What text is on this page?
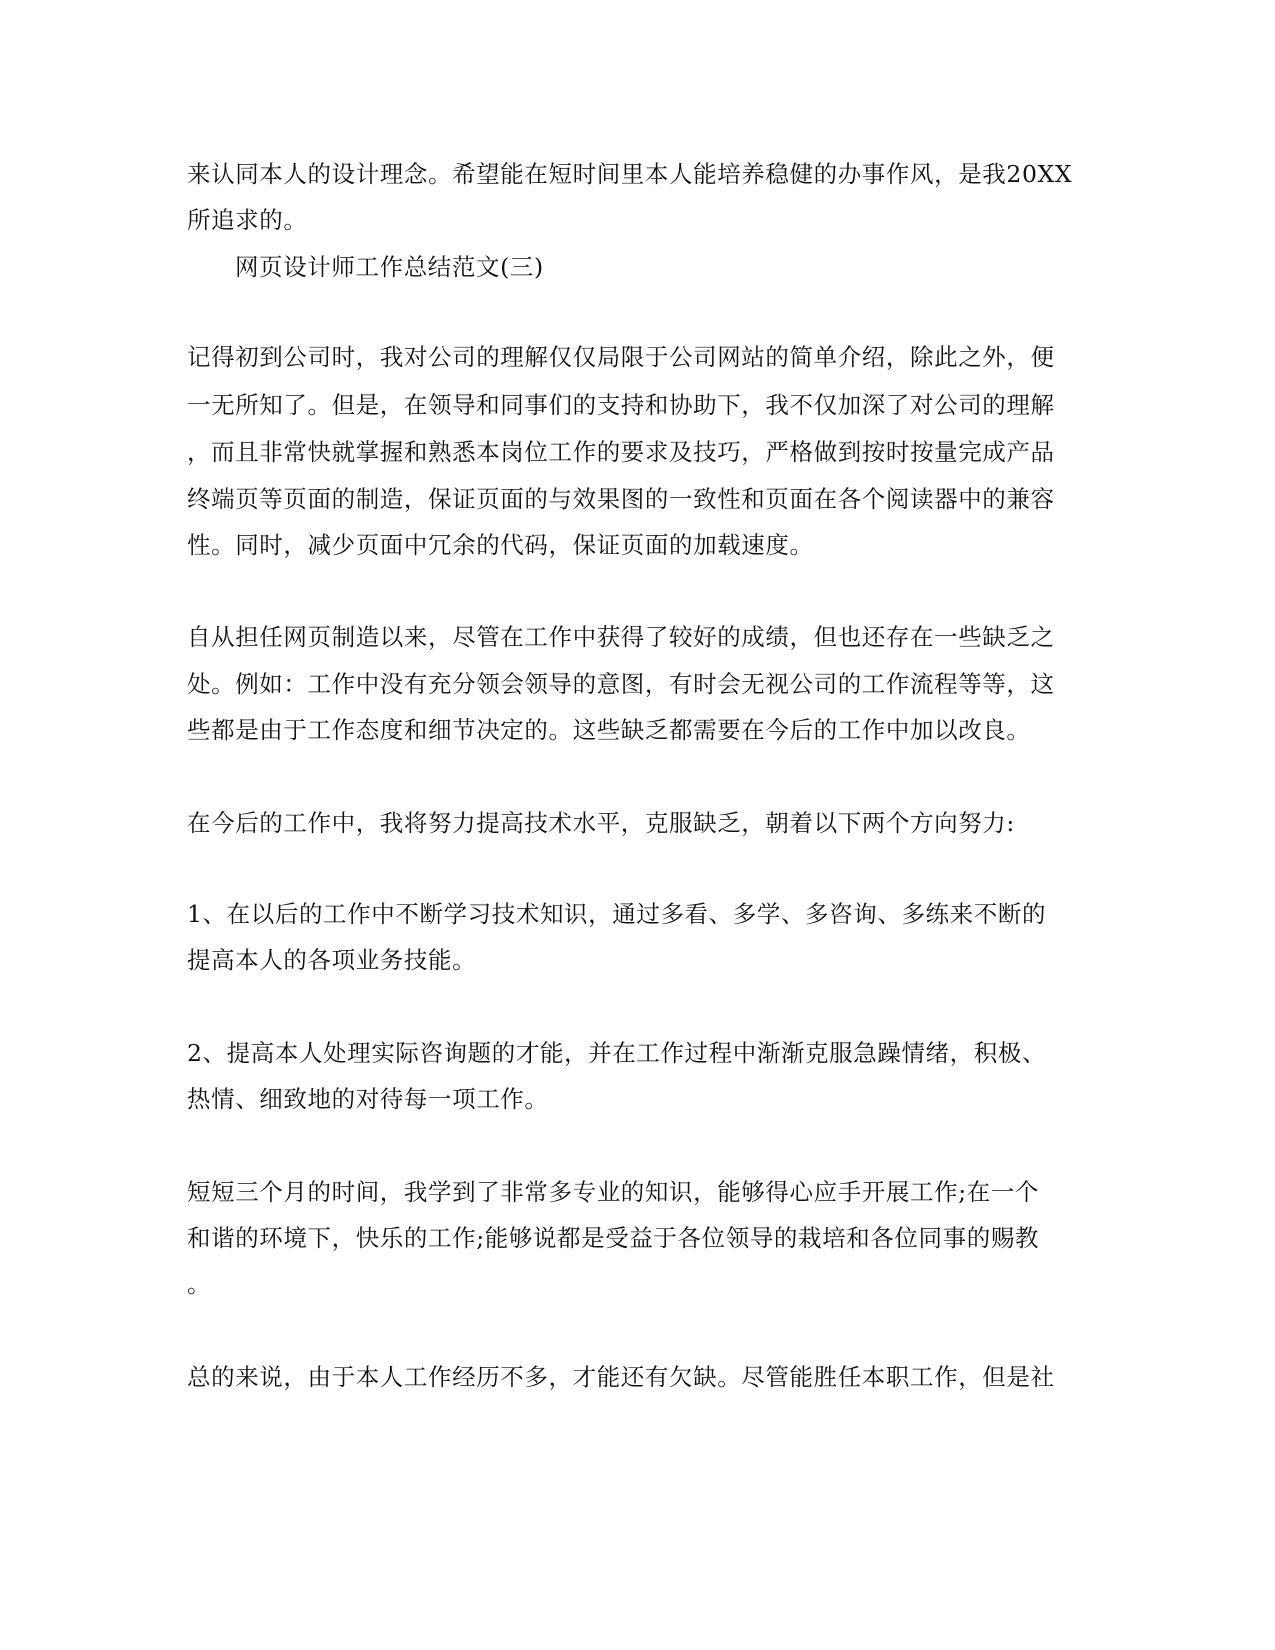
来认同本人的设计理念。希望能在短时间里本人能培养稳健的办事作风，是我20XX
所追求的。
网页设计师工作总结范文(三)
记得初到公司时，我对公司的理解仅仅局限于公司网站的简单介绍，除此之外，便
一无所知了。但是，在领导和同事们的支持和协助下，我不仅加深了对公司的理解
，而且非常快就掌握和熟悉本岗位工作的要求及技巧，严格做到按时按量完成产品
终端页等页面的制造，保证页面的与效果图的一致性和页面在各个阅读器中的兼容
性。同时，减少页面中冗余的代码，保证页面的加载速度。
自从担任网页制造以来，尽管在工作中获得了较好的成绩，但也还存在一些缺乏之
处。例如：工作中没有充分领会领导的意图，有时会无视公司的工作流程等等，这
些都是由于工作态度和细节决定的。这些缺乏都需要在今后的工作中加以改良。
在今后的工作中，我将努力提高技术水平，克服缺乏，朝着以下两个方向努力:
1、在以后的工作中不断学习技术知识，通过多看、多学、多咨询、多练来不断的
提高本人的各项业务技能。
2、提高本人处理实际咨询题的才能，并在工作过程中渐渐克服急躁情绪，积极、
热情、细致地的对待每一项工作。
短短三个月的时间，我学到了非常多专业的知识，能够得心应手开展工作;在一个
和谐的环境下，快乐的工作;能够说都是受益于各位领导的栽培和各位同事的赐教
。
总的来说，由于本人工作经历不多，才能还有欠缺。尽管能胜任本职工作，但是社
